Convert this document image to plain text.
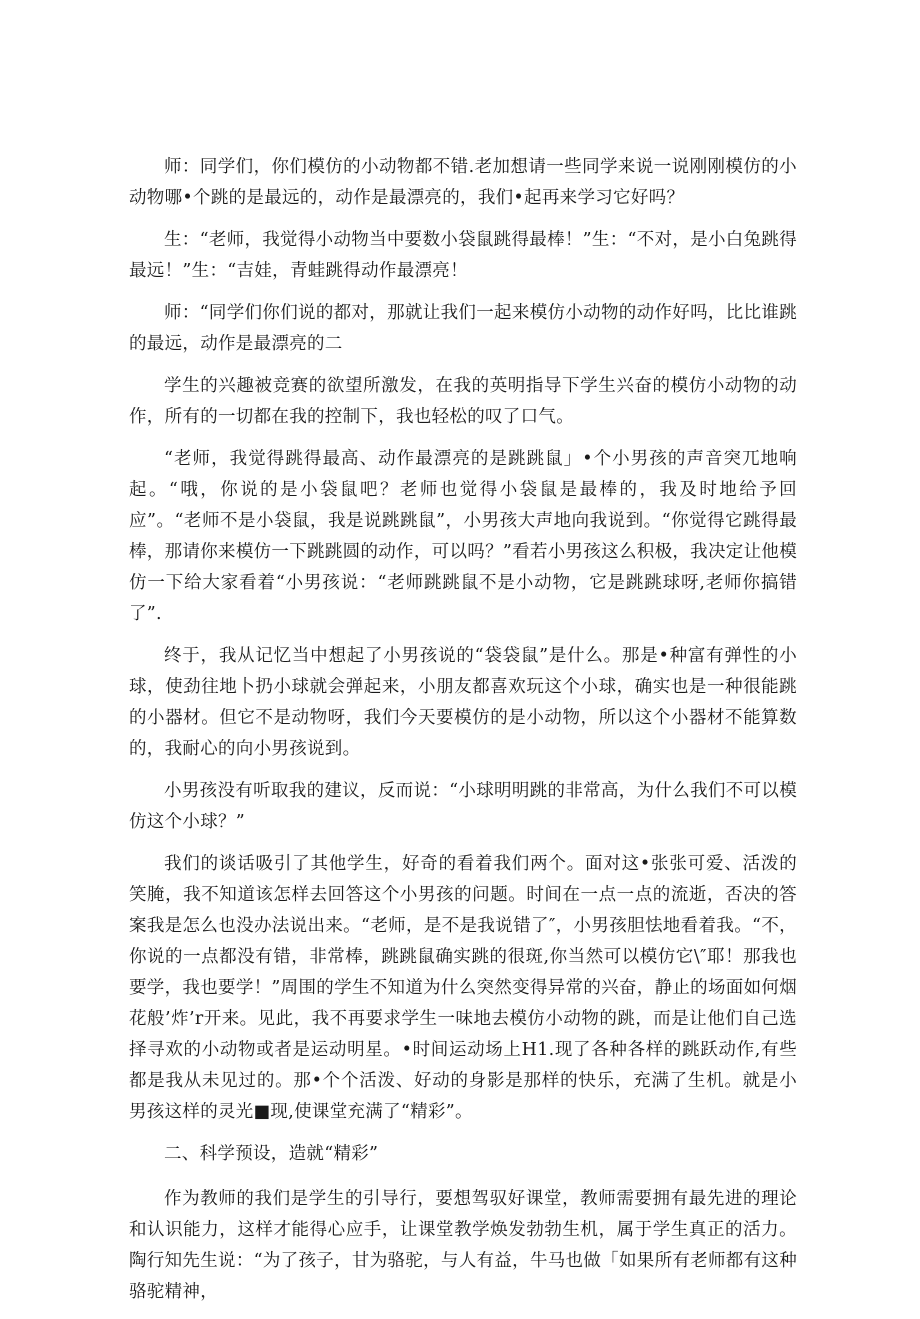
师：同学们，你们模仿的小动物都不错.老加想请一些同学来说一说刚刚模仿的小动物哪•个跳的是最远的，动作是最漂亮的，我们•起再来学习它好吗？

生：“老师，我觉得小动物当中要数小袋鼠跳得最棒！”生：“不对，是小白兔跳得最远！”生：“吉娃，青蛙跳得动作最漂亮！

师：“同学们你们说的都对，那就让我们一起来模仿小动物的动作好吗，比比谁跳的最远，动作是最漂亮的二

学生的兴趣被竞赛的欲望所激发，在我的英明指导下学生兴奋的模仿小动物的动作，所有的一切都在我的控制下，我也轻松的叹了口气。

“老师，我觉得跳得最高、动作最漂亮的是跳跳鼠」•个小男孩的声音突兀地响起。“哦，你说的是小袋鼠吧？老师也觉得小袋鼠是最棒的，我及时地给予回应”。“老师不是小袋鼠，我是说跳跳鼠”，小男孩大声地向我说到。“你觉得它跳得最棒，那请你来模仿一下跳跳圆的动作，可以吗？”看若小男孩这么积极，我决定让他模仿一下给大家看着“小男孩说：“老师跳跳鼠不是小动物，它是跳跳球呀,老师你搞错了”.

终于，我从记忆当中想起了小男孩说的“袋袋鼠”是什么。那是•种富有弹性的小球，使劲往地卜扔小球就会弹起来，小朋友都喜欢玩这个小球，确实也是一种很能跳的小器材。但它不是动物呀，我们今天要模仿的是小动物，所以这个小器材不能算数的，我耐心的向小男孩说到。

小男孩没有听取我的建议，反而说：“小球明明跳的非常高，为什么我们不可以模仿这个小球？”

我们的谈话吸引了其他学生，好奇的看着我们两个。面对这•张张可爱、活泼的笑腌，我不知道该怎样去回答这个小男孩的问题。时间在一点一点的流逝，否决的答案我是怎么也没办法说出来。“老师，是不是我说错了″，小男孩胆怯地看着我。“不，你说的一点都没有错，非常棒，跳跳鼠确实跳的很斑,你当然可以模仿它\″耶！那我也要学，我也要学！”周围的学生不知道为什么突然变得异常的兴奋，静止的场面如何烟花般’炸’r开来。见此，我不再要求学生一味地去模仿小动物的跳，而是让他们自己选择寻欢的小动物或者是运动明星。•时间运动场上H1.现了各种各样的跳跃动作,有些都是我从未见过的。那•个个活泼、好动的身影是那样的快乐，充满了生机。就是小男孩这样的灵光■现,使课堂充满了“精彩”。

二、科学预设，造就“精彩”

作为教师的我们是学生的引导行，要想驾驭好课堂，教师需要拥有最先进的理论和认识能力，这样才能得心应手，让课堂教学焕发勃勃生机，属于学生真正的活力。陶行知先生说：“为了孩子，甘为骆驼，与人有益，牛马也做「如果所有老师都有这种骆驼精神，
